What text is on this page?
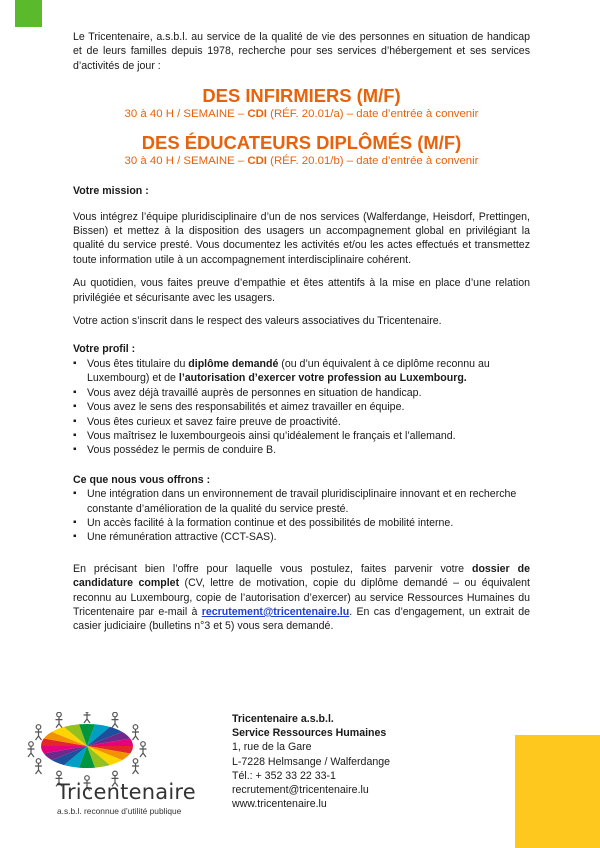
Le Tricentenaire, a.s.b.l. au service de la qualité de vie des personnes en situation de handicap et de leurs familles depuis 1978, recherche pour ses services d’hébergement et ses services d’activités de jour :

DES INFIRMIERS (M/F)
30 à 40 H / SEMAINE – CDI (RÉF. 20.01/a) – date d’entrée à convenir
DES ÉDUCATEURS DIPLÔMÉS (M/F)
30 à 40 H / SEMAINE – CDI (RÉF. 20.01/b) – date d’entrée à convenir
Votre mission :

Vous intégrez l’équipe pluridisciplinaire d’un de nos services (Walferdange, Heisdorf, Prettingen, Bissen) et mettez à la disposition des usagers un accompagnement global en privilégiant la qualité du service presté. Vous documentez les activités et/ou les actes effectués et transmettez toute information utile à un accompagnement interdisciplinaire cohérent.

Au quotidien, vous faites preuve d’empathie et êtes attentifs à la mise en place d’une relation privilégiée et sécurisante avec les usagers.

Votre action s’inscrit dans le respect des valeurs associatives du Tricentenaire.

Votre profil :
▪ Vous êtes titulaire du diplôme demandé (ou d’un équivalent à ce diplôme reconnu au Luxembourg) et de l’autorisation d’exercer votre profession au Luxembourg.
▪ Vous avez déjà travaillé auprès de personnes en situation de handicap.
▪ Vous avez le sens des responsabilités et aimez travailler en équipe.
▪ Vous êtes curieux et savez faire preuve de proactivité.
▪ Vous maîtrisez le luxembourgeois ainsi qu’idéalement le français et l’allemand.
▪ Vous possédez le permis de conduire B.
Ce que nous vous offrons :
▪ Une intégration dans un environnement de travail pluridisciplinaire innovant et en recherche constante d’amélioration de la qualité du service presté.
▪ Un accès facilité à la formation continue et des possibilités de mobilité interne.
▪ Une rémunération attractive (CCT-SAS).

En précisant bien l’offre pour laquelle vous postulez, faites parvenir votre dossier de candidature complet (CV, lettre de motivation, copie du diplôme demandé – ou équivalent reconnu au Luxembourg, copie de l’autorisation d’exercer) au service Ressources Humaines du Tricentenaire par e-mail à recrutement@tricentenaire.lu. En cas d’engagement, un extrait de casier judiciaire (bulletins n°3 et 5) vous sera demandé.

Tricentenaire
a.s.b.l. reconnue d’utilité publique
Tricentenaire a.s.b.l.
Service Ressources Humaines
1, rue de la Gare
L-7228 Helmsange / Walferdange
Tél.: + 352 33 22 33-1
recrutement@tricentenaire.lu
www.tricentenaire.lu
